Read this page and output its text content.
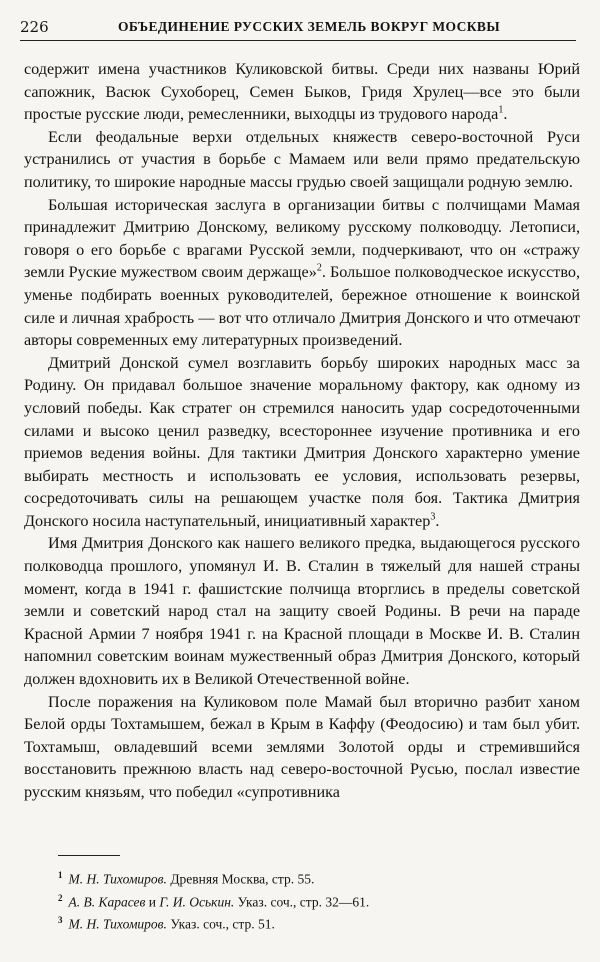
226	ОБЪЕДИНЕНИЕ РУССКИХ ЗЕМЕЛЬ ВОКРУГ МОСКВЫ

содержит имена участников Куликовской битвы. Среди них названы Юрий сапожник, Васюк Сухоборец, Семен Быков, Гридя Хрулец—все это были простые русские люди, ремесленники, выходцы из трудового народа$^1$.

Если феодальные верхи отдельных княжеств северо-восточной Руси устранились от участия в борьбе с Мамаем или вели прямо предательскую политику, то широкие народные массы грудью своей защищали родную землю.

Большая историческая заслуга в организации битвы с полчищами Мамая принадлежит Дмитрию Донскому, великому русскому полководцу. Летописи, говоря о его борьбе с врагами Русской земли, подчеркивают, что он «стражу земли Руские мужеством своим держаще»$^2$. Большое полководческое искусство, уменье подбирать военных руководителей, бережное отношение к воинской силе и личная храбрость — вот что отличало Дмитрия Донского и что отмечают авторы современных ему литературных произведений.

Дмитрий Донской сумел возглавить борьбу широких народных масс за Родину. Он придавал большое значение моральному фактору, как одному из условий победы. Как стратег он стремился наносить удар сосредоточенными силами и высоко ценил разведку, всестороннее изучение противника и его приемов ведения войны. Для тактики Дмитрия Донского характерно умение выбирать местность и использовать ее условия, использовать резервы, сосредоточивать силы на решающем участке поля боя. Тактика Дмитрия Донского носила наступательный, инициативный характер$^3$.

Имя Дмитрия Донского как нашего великого предка, выдающегося русского полководца прошлого, упомянул И. В. Сталин в тяжелый для нашей страны момент, когда в 1941 г. фашистские полчища вторглись в пределы советской земли и советский народ стал на защиту своей Родины. В речи на параде Красной Армии 7 ноября 1941 г. на Красной площади в Москве И. В. Сталин напомнил советским воинам мужественный образ Дмитрия Донского, который должен вдохновить их в Великой Отечественной войне.

После поражения на Куликовом поле Мамай был вторично разбит ханом Белой орды Тохтамышем, бежал в Крым в Каффу (Феодосию) и там был убит. Тохтамыш, овладевший всеми землями Золотой орды и стремившийся восстановить прежнюю власть над северо-восточной Русью, послал известие русским князьям, что победил «супротивника

$^1$ М. Н. Тихомиров. Древняя Москва, стр. 55.
$^2$ А. В. Карасев и Г. И. Оськин. Указ. соч., стр. 32—61.
$^3$ М. Н. Тихомиров. Указ. соч., стр. 51.
